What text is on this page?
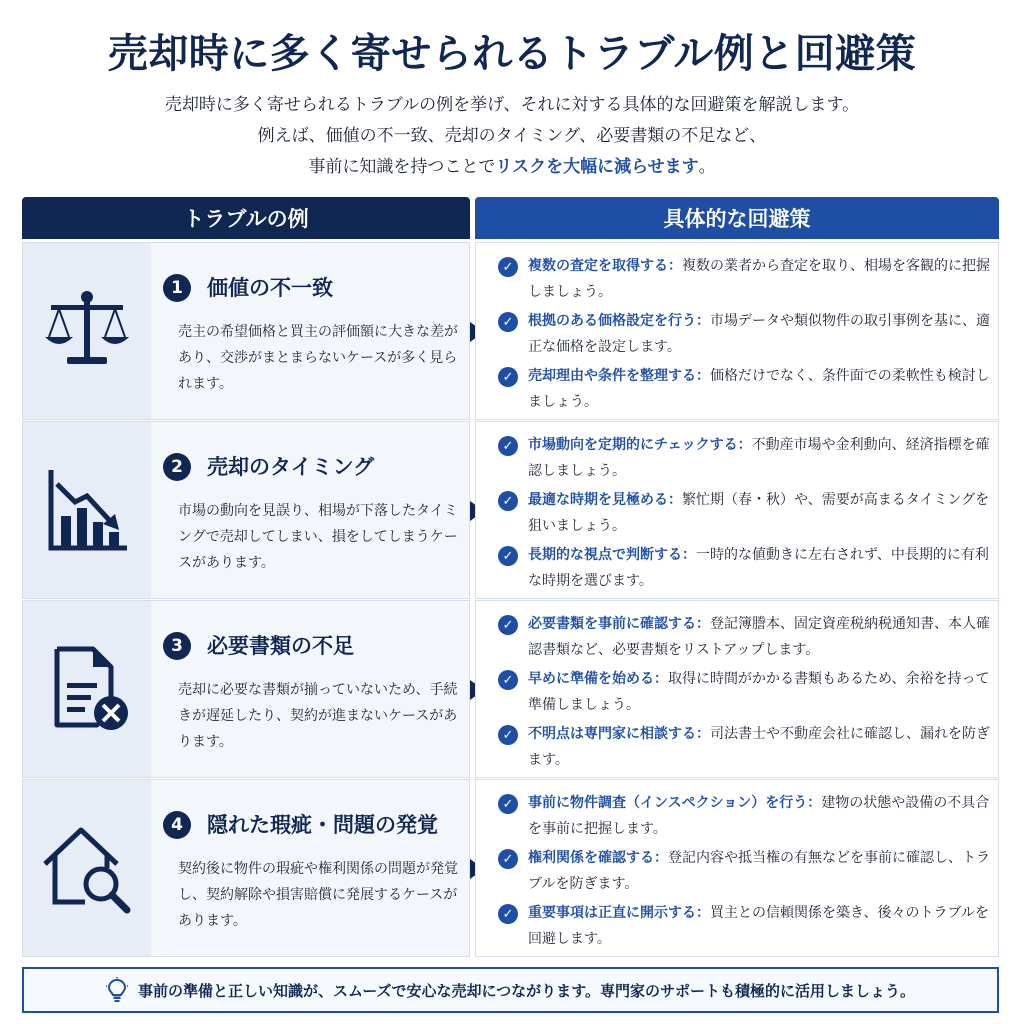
売却時に多く寄せられるトラブル例と回避策
売却時に多く寄せられるトラブルの例を挙げ、それに対する具体的な回避策を解説します。
例えば、価値の不一致、売却のタイミング、必要書類の不足など、
事前に知識を持つことでリスクを大幅に減らせます。
トラブルの例	具体的な回避策
1	価値の不一致
売主の希望価格と買主の評価額に大きな差があり、交渉がまとまらないケースが多く見られます。
✓	複数の査定を取得する：複数の業者から査定を取り、相場を客観的に把握しましょう。
✓	根拠のある価格設定を行う：市場データや類似物件の取引事例を基に、適正な価格を設定します。
✓	売却理由や条件を整理する：価格だけでなく、条件面での柔軟性も検討しましょう。
2	売却のタイミング
市場の動向を見誤り、相場が下落したタイミングで売却してしまい、損をしてしまうケースがあります。
✓	市場動向を定期的にチェックする：不動産市場や金利動向、経済指標を確認しましょう。
✓	最適な時期を見極める：繁忙期（春・秋）や、需要が高まるタイミングを狙いましょう。
✓	長期的な視点で判断する：一時的な値動きに左右されず、中長期的に有利な時期を選びます。
3	必要書類の不足
売却に必要な書類が揃っていないため、手続きが遅延したり、契約が進まないケースがあります。
✓	必要書類を事前に確認する：登記簿謄本、固定資産税納税通知書、本人確認書類など、必要書類をリストアップします。
✓	早めに準備を始める：取得に時間がかかる書類もあるため、余裕を持って準備しましょう。
✓	不明点は専門家に相談する：司法書士や不動産会社に確認し、漏れを防ぎます。
4	隠れた瑕疵・問題の発覚
契約後に物件の瑕疵や権利関係の問題が発覚し、契約解除や損害賠償に発展するケースがあります。
✓	事前に物件調査（インスペクション）を行う：建物の状態や設備の不具合を事前に把握します。
✓	権利関係を確認する：登記内容や抵当権の有無などを事前に確認し、トラブルを防ぎます。
✓	重要事項は正直に開示する：買主との信頼関係を築き、後々のトラブルを回避します。
事前の準備と正しい知識が、スムーズで安心な売却につながります。専門家のサポートも積極的に活用しましょう。
